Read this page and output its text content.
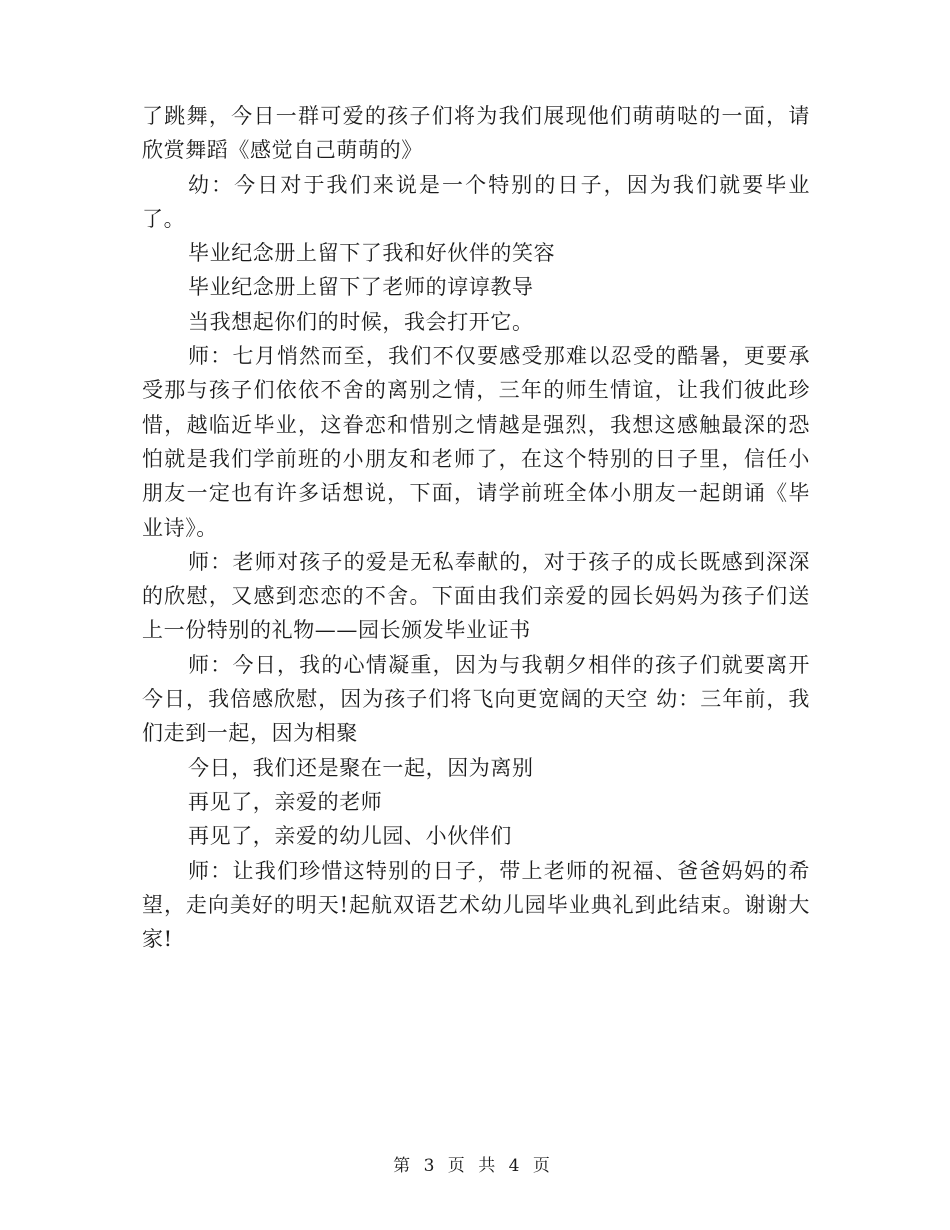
了跳舞，今日一群可爱的孩子们将为我们展现他们萌萌哒的一面，请欣赏舞蹈《感觉自己萌萌的》

幼：今日对于我们来说是一个特别的日子，因为我们就要毕业了。

毕业纪念册上留下了我和好伙伴的笑容

毕业纪念册上留下了老师的谆谆教导

当我想起你们的时候，我会打开它。

师：七月悄然而至，我们不仅要感受那难以忍受的酷暑，更要承受那与孩子们依依不舍的离别之情，三年的师生情谊，让我们彼此珍惜，越临近毕业，这眷恋和惜别之情越是强烈，我想这感触最深的恐怕就是我们学前班的小朋友和老师了，在这个特别的日子里，信任小朋友一定也有许多话想说，下面，请学前班全体小朋友一起朗诵《毕业诗》。

师：老师对孩子的爱是无私奉献的，对于孩子的成长既感到深深的欣慰，又感到恋恋的不舍。下面由我们亲爱的园长妈妈为孩子们送上一份特别的礼物——园长颁发毕业证书

师：今日，我的心情凝重，因为与我朝夕相伴的孩子们就要离开今日，我倍感欣慰，因为孩子们将飞向更宽阔的天空 幼：三年前，我们走到一起，因为相聚

今日，我们还是聚在一起，因为离别

再见了，亲爱的老师

再见了，亲爱的幼儿园、小伙伴们

师：让我们珍惜这特别的日子，带上老师的祝福、爸爸妈妈的希望，走向美好的明天!起航双语艺术幼儿园毕业典礼到此结束。谢谢大家!

第 3 页 共 4 页
